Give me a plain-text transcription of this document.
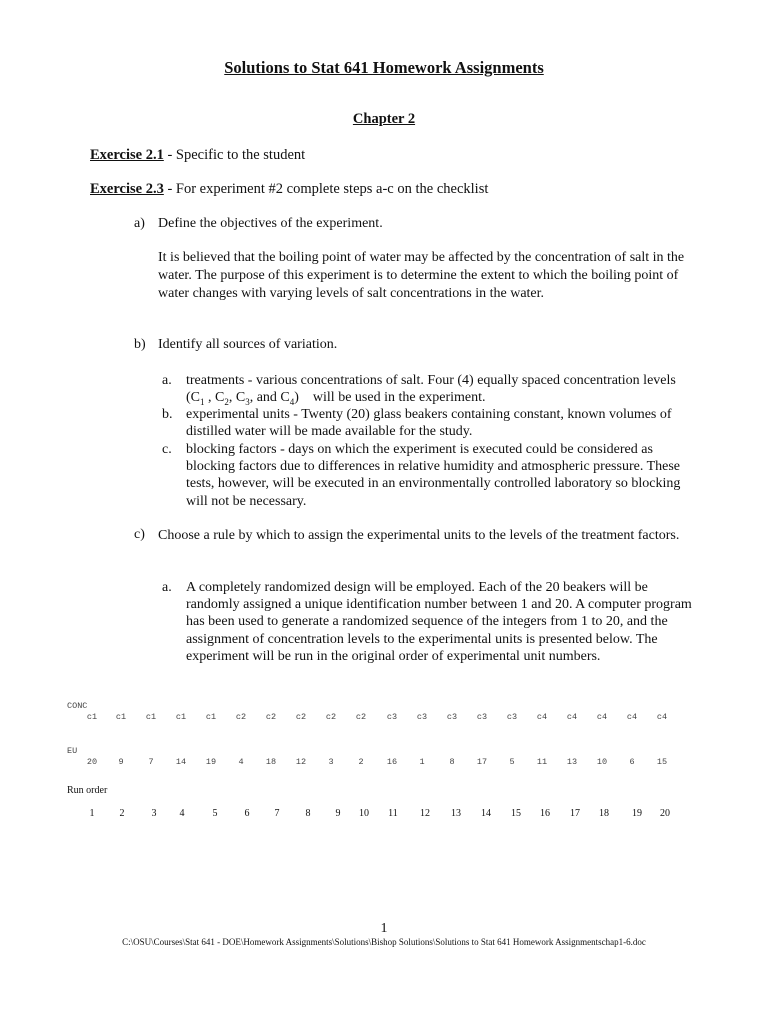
Solutions to Stat 641 Homework Assignments
Chapter 2
Exercise 2.1 - Specific to the student
Exercise 2.3 - For experiment #2 complete steps a-c on the checklist
a) Define the objectives of the experiment.
It is believed that the boiling point of water may be affected by the concentration of salt in the water. The purpose of this experiment is to determine the extent to which the boiling point of water changes with varying levels of salt concentrations in the water.
b) Identify all sources of variation.
a.	treatments - various concentrations of salt. Four (4) equally spaced concentration levels ($C_1$ , $C_2$, $C_3$, and $C_4$)    will be used in the experiment.
b. experimental units - Twenty (20) glass beakers containing constant, known volumes of distilled water will be made available for the study.
c.	blocking factors - days on which the experiment is executed could be considered as blocking factors due to differences in relative humidity and atmospheric pressure. These tests, however, will be executed in an environmentally controlled laboratory so blocking will not be necessary.
c) Choose a rule by which to assign the experimental units to the levels of the treatment factors.
a.	A completely randomized design will be employed. Each of the 20 beakers will be randomly assigned a unique identification number between 1 and 20. A computer program has been used to generate a randomized sequence of the integers from 1 to 20, and the assignment of concentration levels to the experimental units is presented below. The experiment will be run in the original order of experimental unit numbers.
CONC
c1	c1	c1	c1	c1	c2	c2	c2	c2	c2	c3	c3	c3	c3	c3	c4	c4	c4	c4	c4
EU
20	9	7	14	19	4	18	12	3	2	16	1	8	17	5	11	13	10	6	15
Run order
1	2	3	4	5	6	7	8	9	10	11	12	13	14	15	16	17	18	19	20
1
C:\OSU\Courses\Stat 641 - DOE\Homework Assignments\Solutions\Bishop Solutions\Solutions to Stat 641 Homework Assignmentschap1-6.doc
